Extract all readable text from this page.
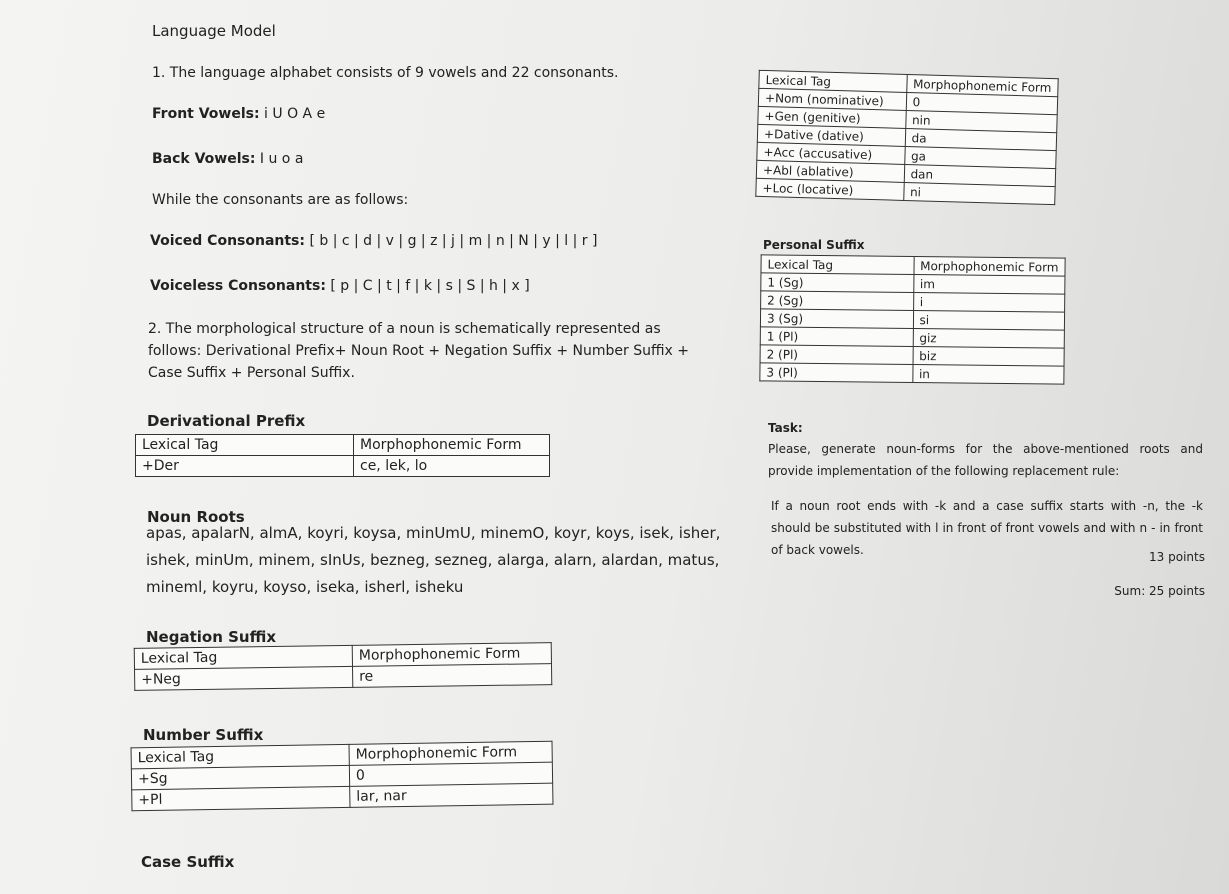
Language Model
1. The language alphabet consists of 9 vowels and 22 consonants.
Front Vowels: i U O A e
Back Vowels: I u o a
While the consonants are as follows:
Voiced Consonants: [ b | c | d | v | g | z | j | m | n | N | y | l | r ]
Voiceless Consonants: [ p | C | t | f | k | s | S | h | x ]
2. The morphological structure of a noun is schematically represented as
follows: Derivational Prefix+ Noun Root + Negation Suffix + Number Suffix +
Case Suffix + Personal Suffix.
Derivational Prefix
Lexical Tag	Morphophonemic Form
+Der	ce, lek, lo
Noun Roots
apas, apalarN, almA, koyri, koysa, minUmU, minemO, koyr, koys, isek, isher, ishek, minUm, minem, sInUs, bezneg, sezneg, alarga, alarn, alardan, matus, mineml, koyru, koyso, iseka, isherl, isheku
Negation Suffix
Lexical Tag	Morphophonemic Form
+Neg	re
Number Suffix
Lexical Tag	Morphophonemic Form
+Sg	0
+Pl	lar, nar
Case Suffix
Lexical Tag	Morphophonemic Form
+Nom (nominative)	0
+Gen (genitive)	nin
+Dative (dative)	da
+Acc (accusative)	ga
+Abl (ablative)	dan
+Loc (locative)	ni
Personal Suffix
Lexical Tag	Morphophonemic Form
1 (Sg)	im
2 (Sg)	i
3 (Sg)	si
1 (Pl)	giz
2 (Pl)	biz
3 (Pl)	in
Task:
Please, generate noun-forms for the above-mentioned roots and provide implementation of the following replacement rule:
If a noun root ends with -k and a case suffix starts with -n, the -k should be substituted with l in front of front vowels and with n - in front of back vowels.	13 points
Sum: 25 points
